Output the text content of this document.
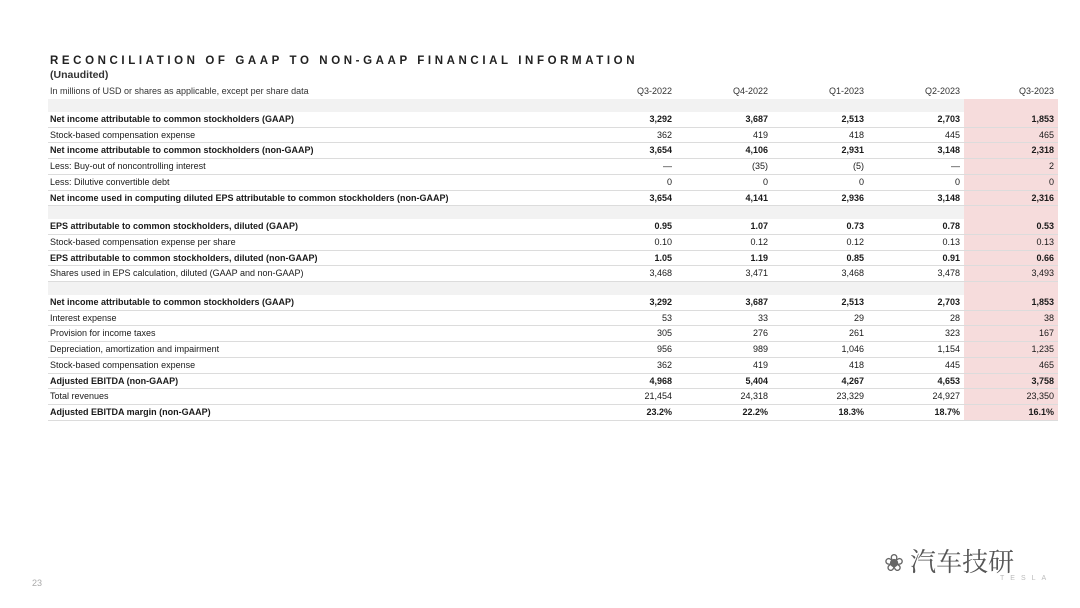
RECONCILIATION OF GAAP TO NON-GAAP FINANCIAL INFORMATION
(Unaudited)
In millions of USD or shares as applicable, except per share data	Q3-2022	Q4-2022	Q1-2023	Q2-2023	Q3-2023

Net income attributable to common stockholders (GAAP)	3,292	3,687	2,513	2,703	1,853
Stock-based compensation expense	362	419	418	445	465
Net income attributable to common stockholders (non-GAAP)	3,654	4,106	2,931	3,148	2,318
Less: Buy-out of noncontrolling interest	—	(35)	(5)	—	2
Less: Dilutive convertible debt	0	0	0	0	0
Net income used in computing diluted EPS attributable to common stockholders (non-GAAP)	3,654	4,141	2,936	3,148	2,316

EPS attributable to common stockholders, diluted (GAAP)	0.95	1.07	0.73	0.78	0.53
Stock-based compensation expense per share	0.10	0.12	0.12	0.13	0.13
EPS attributable to common stockholders, diluted (non-GAAP)	1.05	1.19	0.85	0.91	0.66
Shares used in EPS calculation, diluted (GAAP and non-GAAP)	3,468	3,471	3,468	3,478	3,493

Net income attributable to common stockholders (GAAP)	3,292	3,687	2,513	2,703	1,853
Interest expense	53	33	29	28	38
Provision for income taxes	305	276	261	323	167
Depreciation, amortization and impairment	956	989	1,046	1,154	1,235
Stock-based compensation expense	362	419	418	445	465
Adjusted EBITDA (non-GAAP)	4,968	5,404	4,267	4,653	3,758
Total revenues	21,454	24,318	23,329	24,927	23,350
Adjusted EBITDA margin (non-GAAP)	23.2%	22.2%	18.3%	18.7%	16.1%
23
❀ 汽车技研
TESLA
